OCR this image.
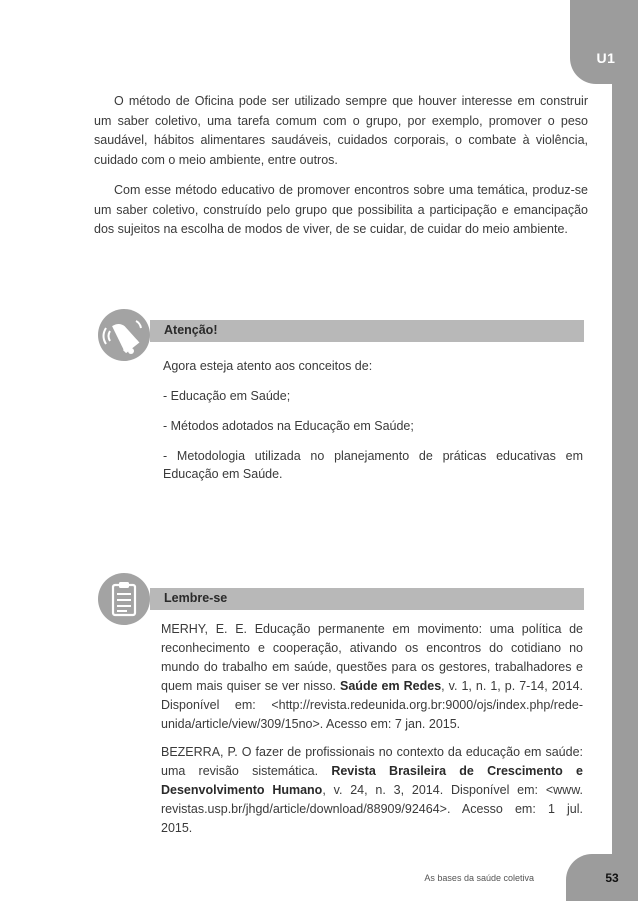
U1

O método de Oficina pode ser utilizado sempre que houver interesse em construir um saber coletivo, uma tarefa comum com o grupo, por exemplo, promover o peso saudável, hábitos alimentares saudáveis, cuidados corporais, o combate à violência, cuidado com o meio ambiente, entre outros.

Com esse método educativo de promover encontros sobre uma temática, produz-se um saber coletivo, construído pelo grupo que possibilita a participação e emancipação dos sujeitos na escolha de modos de viver, de se cuidar, de cuidar do meio ambiente.

Atenção!
Agora esteja atento aos conceitos de:
- Educação em Saúde;
- Métodos adotados na Educação em Saúde;
- Metodologia utilizada no planejamento de práticas educativas em Educação em Saúde.
Lembre-se

MERHY, E. E. Educação permanente em movimento: uma política de reconhecimento e cooperação, ativando os encontros do cotidiano no mundo do trabalho em saúde, questões para os gestores, trabalhadores e quem mais quiser se ver nisso. Saúde em Redes, v. 1, n. 1, p. 7-14, 2014. Disponível em: <http://revista.redeunida.org.br:9000/ojs/index.php/rede-unida/article/view/309/15no>. Acesso em: 7 jan. 2015.

BEZERRA, P. O fazer de profissionais no contexto da educação em saúde: uma revisão sistemática. Revista Brasileira de Crescimento e Desenvolvimento Humano, v. 24, n. 3, 2014. Disponível em: <www. revistas.usp.br/jhgd/article/download/88909/92464>. Acesso em: 1 jul. 2015.

As bases da saúde coletiva	53
